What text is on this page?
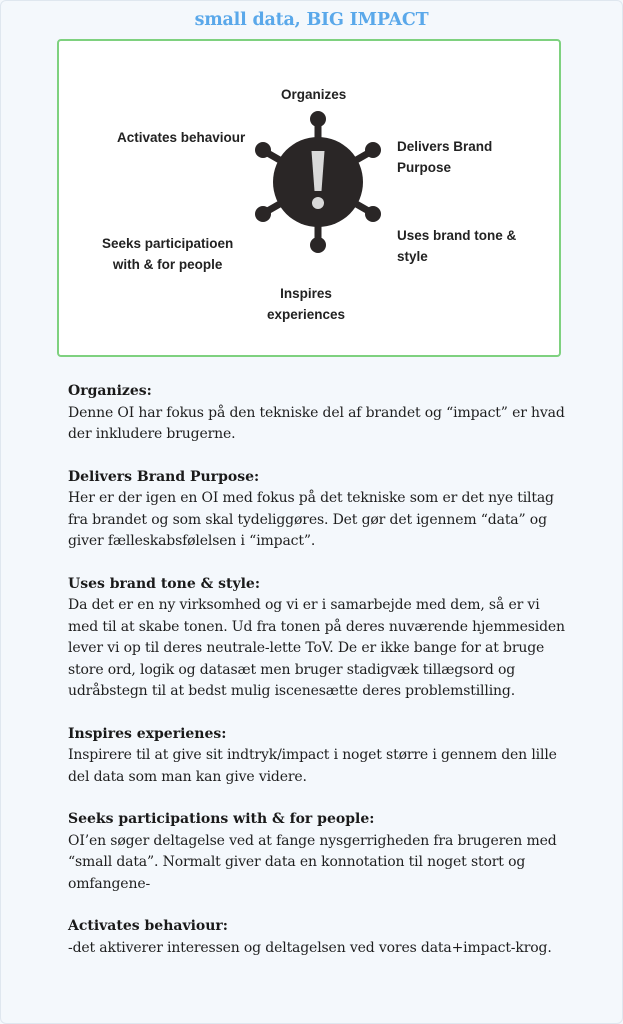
small data, BIG IMPACT
Organizes
Activates behaviour
Delivers Brand
Purpose
Uses brand tone &
style
Seeks participatioen
with & for people
Inspires
experiences
Organizes:

Denne OI har fokus på den tekniske del af brandet og “impact” er hvad der inkludere brugerne.

Delivers Brand Purpose:

Her er der igen en OI med fokus på det tekniske som er det nye tiltag fra brandet og som skal tydeliggøres. Det gør det igennem “data” og giver fælleskabsfølelsen i “impact”.

Uses brand tone & style:

Da det er en ny virksomhed og vi er i samarbejde med dem, så er vi med til at skabe tonen. Ud fra tonen på deres nuværende hjemmesiden lever vi op til deres neutrale-lette ToV. De er ikke bange for at bruge store ord, logik og datasæt men bruger stadigvæk tillægsord og udråbstegn til at bedst mulig iscenesætte deres problemstilling.

Inspires experienes:

Inspirere til at give sit indtryk/impact i noget større i gennem den lille del data som man kan give videre.

Seeks participations with & for people:

OI’en søger deltagelse ved at fange nysgerrigheden fra brugeren med “small data”. Normalt giver data en konnotation til noget stort og omfangene-

Activates behaviour:

-det aktiverer interessen og deltagelsen ved vores data+impact-krog.
